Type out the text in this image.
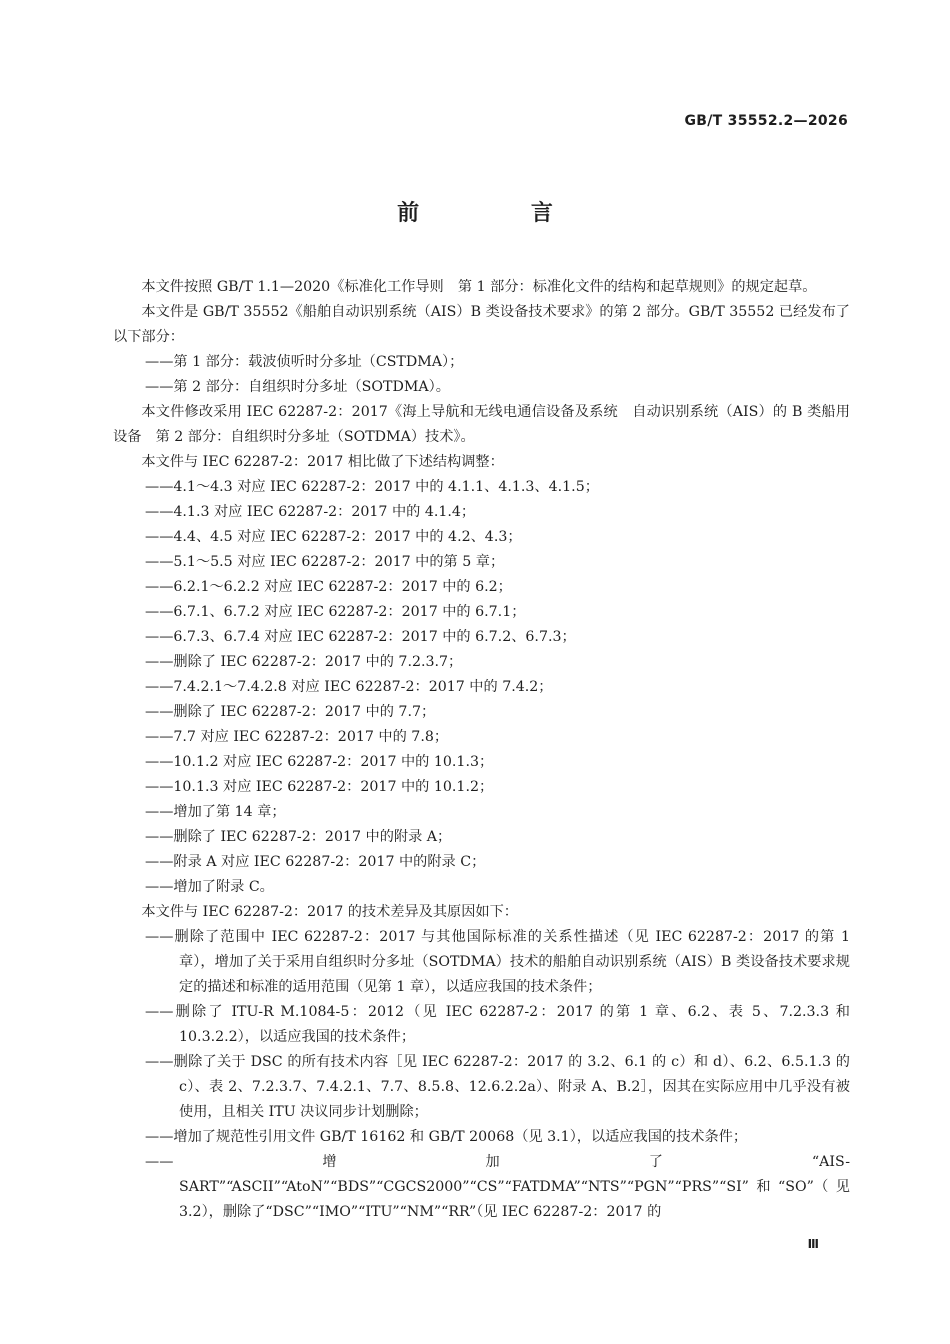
GB/T 35552.2—2026
前 言

本文件按照 GB/T 1.1—2020《标准化工作导则　第 1 部分：标准化文件的结构和起草规则》的规定起草。

本文件是 GB/T 35552《船舶自动识别系统（AIS）B 类设备技术要求》的第 2 部分。GB/T 35552 已经发布了以下部分：

——第 1 部分：载波侦听时分多址（CSTDMA）；

——第 2 部分：自组织时分多址（SOTDMA）。

本文件修改采用 IEC 62287-2：2017《海上导航和无线电通信设备及系统　自动识别系统（AIS）的 B 类船用设备　第 2 部分：自组织时分多址（SOTDMA）技术》。

本文件与 IEC 62287-2：2017 相比做了下述结构调整：

——4.1～4.3 对应 IEC 62287-2：2017 中的 4.1.1、4.1.3、4.1.5；

——4.1.3 对应 IEC 62287-2：2017 中的 4.1.4；

——4.4、4.5 对应 IEC 62287-2：2017 中的 4.2、4.3；

——5.1～5.5 对应 IEC 62287-2：2017 中的第 5 章；

——6.2.1～6.2.2 对应 IEC 62287-2：2017 中的 6.2；

——6.7.1、6.7.2 对应 IEC 62287-2：2017 中的 6.7.1；

——6.7.3、6.7.4 对应 IEC 62287-2：2017 中的 6.7.2、6.7.3；

——删除了 IEC 62287-2：2017 中的 7.2.3.7；

——7.4.2.1～7.4.2.8 对应 IEC 62287-2：2017 中的 7.4.2；

——删除了 IEC 62287-2：2017 中的 7.7；

——7.7 对应 IEC 62287-2：2017 中的 7.8；

——10.1.2 对应 IEC 62287-2：2017 中的 10.1.3；

——10.1.3 对应 IEC 62287-2：2017 中的 10.1.2；

——增加了第 14 章；

——删除了 IEC 62287-2：2017 中的附录 A；

——附录 A 对应 IEC 62287-2：2017 中的附录 C；

——增加了附录 C。

本文件与 IEC 62287-2：2017 的技术差异及其原因如下：

——删除了范围中 IEC 62287-2：2017 与其他国际标准的关系性描述（见 IEC 62287-2：2017 的第 1 章），增加了关于采用自组织时分多址（SOTDMA）技术的船舶自动识别系统（AIS）B 类设备技术要求规定的描述和标准的适用范围（见第 1 章），以适应我国的技术条件；

——删除了 ITU-R M.1084-5：2012（见 IEC 62287-2：2017 的第 1 章、6.2、表 5、7.2.3.3 和 10.3.2.2），以适应我国的技术条件；

——删除了关于 DSC 的所有技术内容［见 IEC 62287-2：2017 的 3.2、6.1 的 c）和 d）、6.2、6.5.1.3 的 c）、表 2、7.2.3.7、7.4.2.1、7.7、8.5.8、12.6.2.2a）、附录 A、B.2］，因其在实际应用中几乎没有被使用，且相关 ITU 决议同步计划删除；

——增加了规范性引用文件 GB/T 16162 和 GB/T 20068（见 3.1），以适应我国的技术条件；

——增加了“AIS-SART”“ASCII”“AtoN”“BDS”“CGCS2000”“CS”“FATDMA”“NTS”“PGN”“PRS”“SI”和“SO”（见 3.2），删除了“DSC”“IMO”“ITU”“NM”“RR”（见 IEC 62287-2：2017 的

Ⅲ
